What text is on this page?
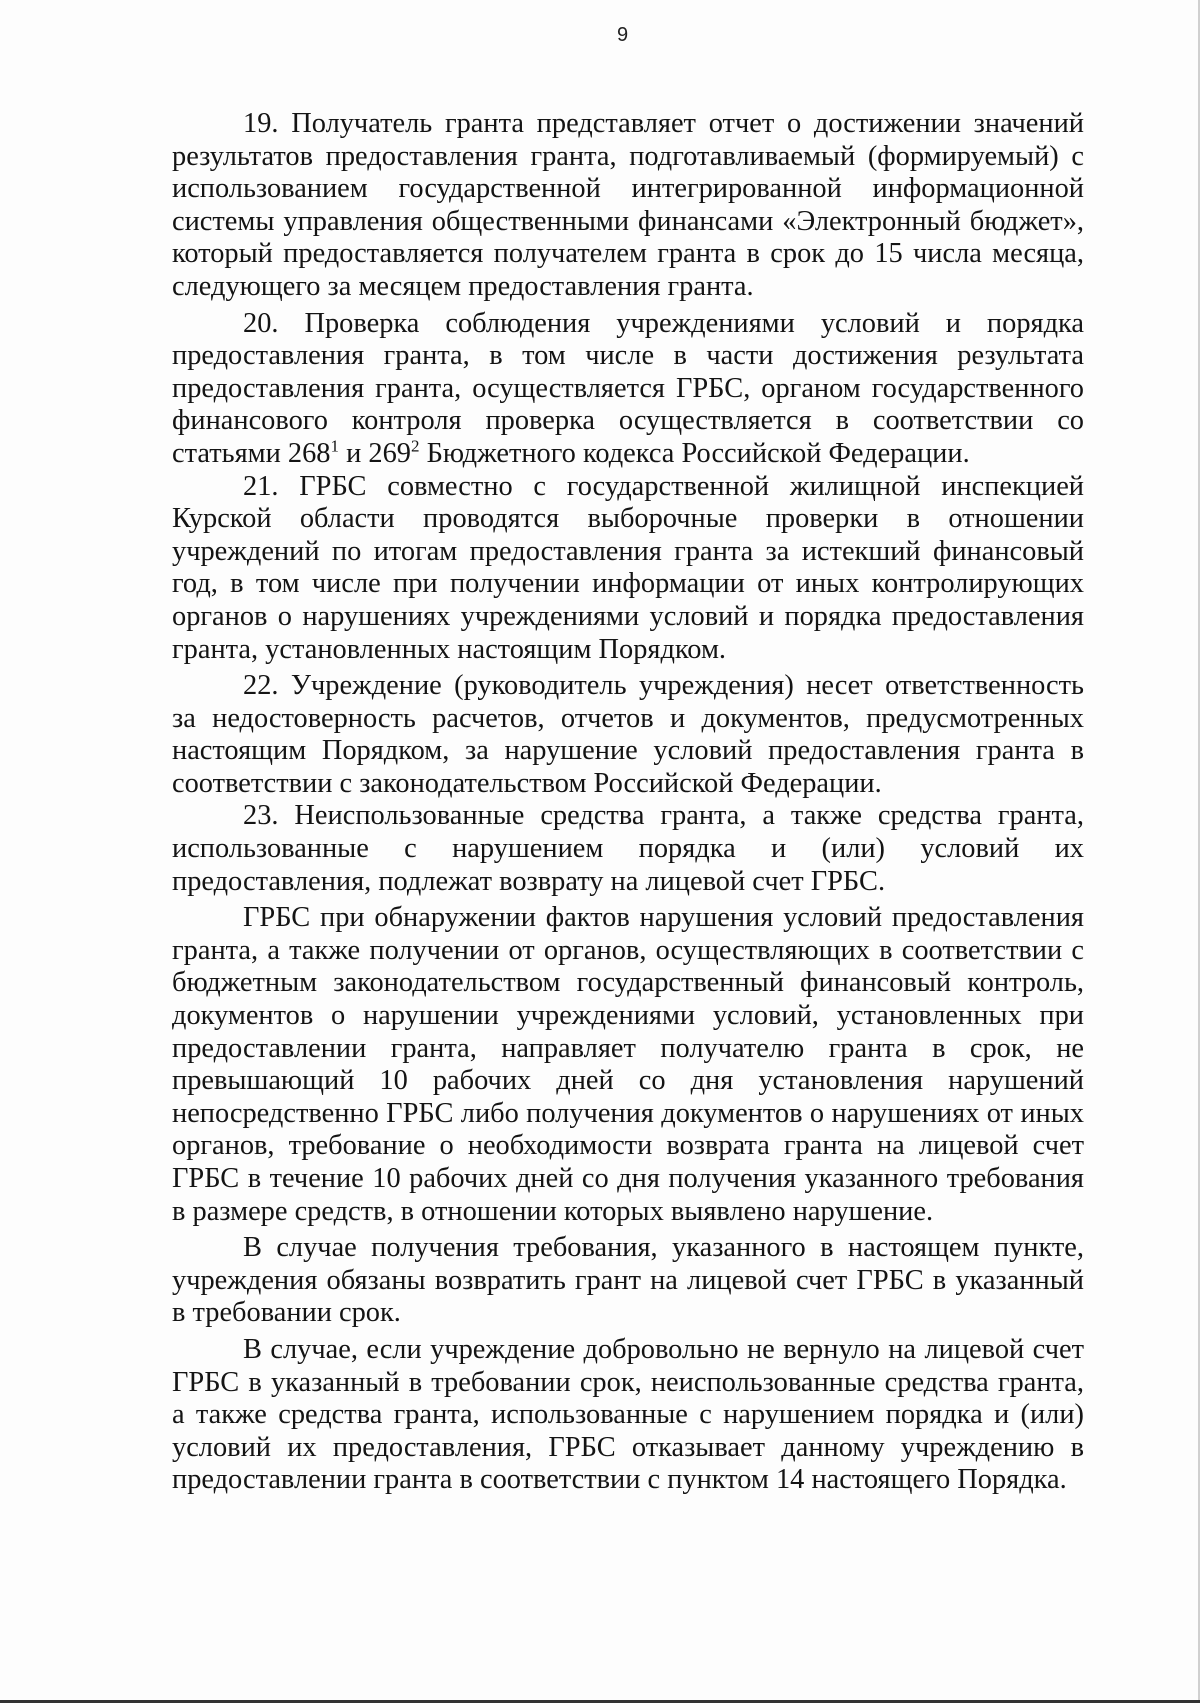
9

19. Получатель гранта представляет отчет о достижении значений результатов предоставления гранта, подготавливаемый (формируемый) с использованием государственной интегрированной информационной системы управления общественными финансами «Электронный бюджет», который предоставляется получателем гранта в срок до 15 числа месяца, следующего за месяцем предоставления гранта.

20. Проверка соблюдения учреждениями условий и порядка предоставления гранта, в том числе в части достижения результата предоставления гранта, осуществляется ГРБС, органом государственного финансового контроля проверка осуществляется в соответствии со статьями $268^1$ и $269^2$ Бюджетного кодекса Российской Федерации.

21. ГРБС совместно с государственной жилищной инспекцией Курской области проводятся выборочные проверки в отношении учреждений по итогам предоставления гранта за истекший финансовый год, в том числе при получении информации от иных контролирующих органов о нарушениях учреждениями условий и порядка предоставления гранта, установленных настоящим Порядком.

22. Учреждение (руководитель учреждения) несет ответственность за недостоверность расчетов, отчетов и документов, предусмотренных настоящим Порядком, за нарушение условий предоставления гранта в соответствии с законодательством Российской Федерации.

23. Неиспользованные средства гранта, а также средства гранта, использованные с нарушением порядка и (или) условий их предоставления, подлежат возврату на лицевой счет ГРБС.

ГРБС при обнаружении фактов нарушения условий предоставления гранта, а также получении от органов, осуществляющих в соответствии с бюджетным законодательством государственный финансовый контроль, документов о нарушении учреждениями условий, установленных при предоставлении гранта, направляет получателю гранта в срок, не превышающий 10 рабочих дней со дня установления нарушений непосредственно ГРБС либо получения документов о нарушениях от иных органов, требование о необходимости возврата гранта на лицевой счет ГРБС в течение 10 рабочих дней со дня получения указанного требования в размере средств, в отношении которых выявлено нарушение.

В случае получения требования, указанного в настоящем пункте, учреждения обязаны возвратить грант на лицевой счет ГРБС в указанный в требовании срок.

В случае, если учреждение добровольно не вернуло на лицевой счет ГРБС в указанный в требовании срок, неиспользованные средства гранта, а также средства гранта, использованные с нарушением порядка и (или) условий их предоставления, ГРБС отказывает данному учреждению в предоставлении гранта в соответствии с пунктом 14 настоящего Порядка.
